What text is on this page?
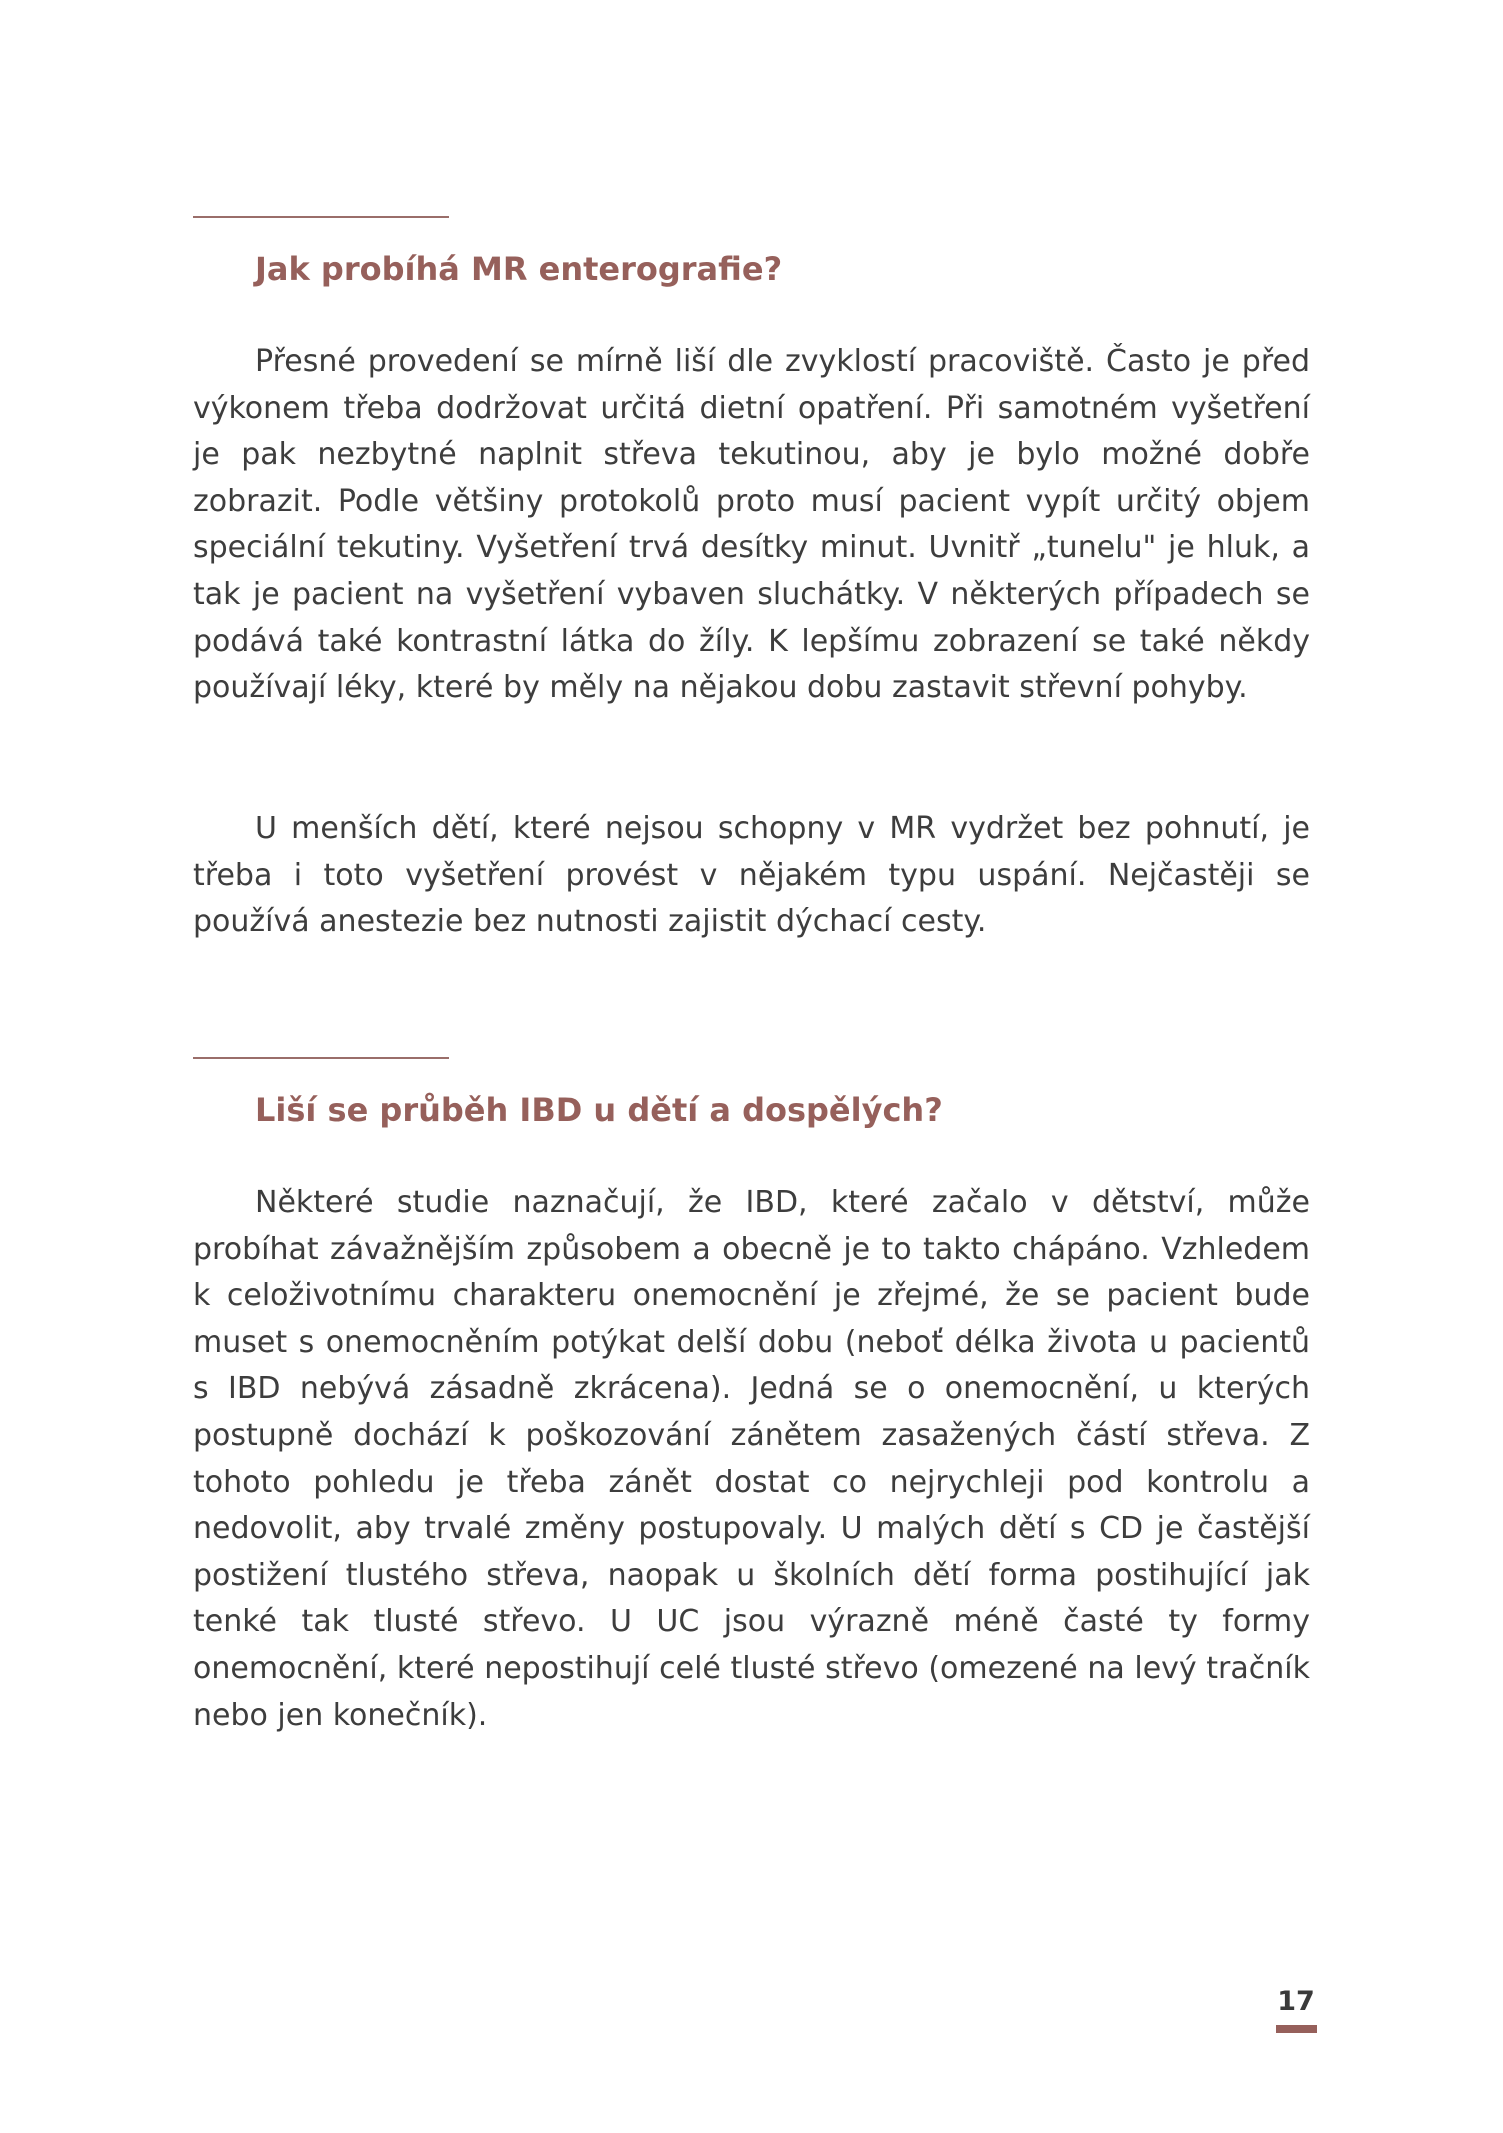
Jak probíhá MR enterografie?

Přesné provedení se mírně liší dle zvyklostí pracoviště. Často je před výkonem třeba dodržovat určitá dietní opatření. Při samotném vyšetření je pak nezbytné naplnit střeva tekutinou, aby je bylo možné dobře zobrazit. Podle většiny protokolů proto musí pacient vypít určitý objem speciální tekutiny. Vyšetření trvá desítky minut. Uvnitř „tunelu" je hluk, a tak je pacient na vyšetření vybaven sluchátky. V některých případech se podává také kontrastní látka do žíly. K lepšímu zobrazení se také někdy používají léky, které by měly na nějakou dobu zastavit střevní pohyby.

U menších dětí, které nejsou schopny v MR vydržet bez pohnutí, je třeba i toto vyšetření provést v nějakém typu uspání. Nejčastěji se používá anestezie bez nutnosti zajistit dýchací cesty.

Liší se průběh IBD u dětí a dospělých?

Některé studie naznačují, že IBD, které začalo v dětství, může probíhat závažnějším způsobem a obecně je to takto chápáno. Vzhledem k celoživotnímu charakteru onemocnění je zřejmé, že se pacient bude muset s onemocněním potýkat delší dobu (neboť délka života u pacientů s IBD nebývá zásadně zkrácena). Jedná se o onemocnění, u kterých postupně dochází k poškozování zánětem zasažených částí střeva. Z tohoto pohledu je třeba zánět dostat co nejrychleji pod kontrolu a nedovolit, aby trvalé změny postupovaly. U malých dětí s CD je častější postižení tlustého střeva, naopak u školních dětí forma postihující jak tenké tak tlusté střevo. U UC jsou výrazně méně časté ty formy onemocnění, které nepostihují celé tlusté střevo (omezené na levý tračník nebo jen konečník).

17
